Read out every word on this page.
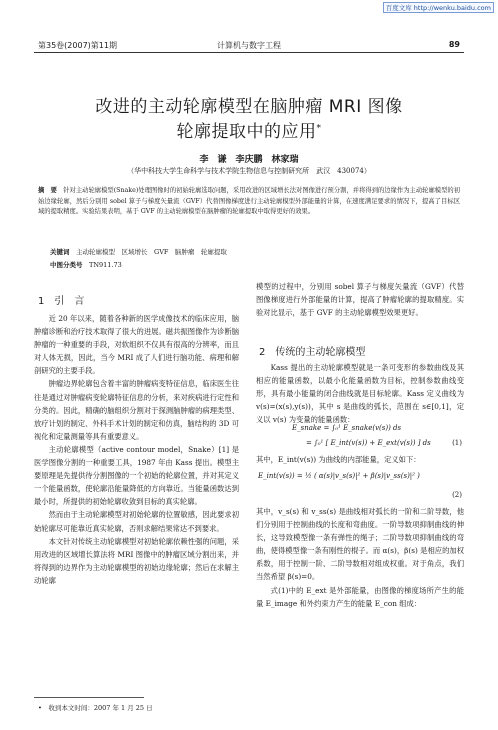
百度文库 http://wenku.baidu.com
第35卷(2007)第11期	计算机与数字工程	89
改进的主动轮廓模型在脑肿瘤 MRI 图像
轮廓提取中的应用*
李　谦　李庆鹏　林家瑞
（华中科技大学生命科学与技术学院生物信息与控制研究所　武汉　430074）
摘　要　 针对主动轮廓模型(Snake)处理图像时的初始轮廓选取问题，采用改进的区域增长法对图像进行预分割，并将得到的边缘作为主动轮廓模型的初始边缘轮廓，然后分别用 sobel 算子与梯度矢量流（GVF）代替图像梯度进行主动轮廓模型外部能量的计算，在速度满足要求的情况下，提高了目标区域的提取精度。实验结果表明，基于 GVF 的主动轮廓模型在脑肿瘤的轮廓提取中取得更好的效果。
关键词　 主动轮廓模型　区域增长　GVF　脑肿瘤　轮廓提取
中图分类号　 TN911.73
1　引　言

近 20 年以来，随着各种新的医学成像技术的临床应用，脑肿瘤诊断和治疗技术取得了很大的进展。磁共振图像作为诊断脑肿瘤的一种重要的手段，对软组织不仅具有很高的分辨率，而且对人体无损，因此，当今 MRI 成了人们进行脑功能、病理和解剖研究的主要手段。

肿瘤边界轮廓包含着丰富的肿瘤病变特征信息，临床医生往往是通过对肿瘤病变轮廓特征信息的分析，来对疾病进行定性和分类的。因此，精确的脑组织分割对于探测脑肿瘤的病理类型、放疗计划的制定、外科手术计划的制定和仿真，脑结构的 3D 可视化和定量测量等具有重要意义。

主动轮廓模型（active contour model，Snake）[1] 是医学图像分割的一种重要工具，1987 年由 Kass 提出。模型主要原理是先提供待分割图像的一个初始的轮廓位置，并对其定义一个能量函数，使轮廓沿能量降低的方向靠近。当能量函数达到最小时，所提供的初始轮廓收敛到目标的真实轮廓。

然而由于主动轮廓模型对初始轮廓的位置敏感，因此要求初始轮廓尽可能靠近真实轮廓，否则求解结果常达不到要求。

本文针对传统主动轮廓模型对初始轮廓依赖性强的问题，采用改进的区域增长算法将 MRI 图像中的肿瘤区域分割出来，并将得到的边界作为主动轮廓模型的初始边缘轮廓；然后在求解主动轮廓

•　收到本文时间：2007 年 1 月 25 日

模型的过程中，分别用 sobel 算子与梯度矢量流（GVF）代替图像梯度进行外部能量的计算，提高了肿瘤轮廓的提取精度。实验对比显示，基于 GVF 的主动轮廓模型效果更好。

2　传统的主动轮廓模型

Kass 提出的主动轮廓模型就是一条可变形的参数曲线及其相应的能量函数，以最小化能量函数为目标，控制参数曲线变形，具有最小能量的闭合曲线就是目标轮廓。Kass 定义曲线为 v(s)=(x(s),y(s))，其中 s 是曲线的弧长，范围在 s∈[0,1]，定义以 v(s) 为变量的能量函数：

E_snake = ∫₀¹ E_snake(v(s)) ds
= ∫₀¹ [ E_int(v(s)) + E_ext(v(s)) ] ds	(1)

其中，E_int(v(s)) 为曲线的内部能量，定义如下：

E_int(v(s)) = ½ ( α(s)|v_s(s)|² + β(s)|v_ss(s)|² )
(2)

其中，v_s(s) 和 v_ss(s) 是曲线相对弧长的一阶和二阶导数，他们分别用于控制曲线的长度和弯曲度。一阶导数项抑制曲线的伸长，这导致模型像一条有弹性的绳子；二阶导数项抑制曲线的弯曲，使得模型像一条有刚性的棍子。而 α(s)，β(s) 是相应的加权系数，用于控制一阶、二阶导数相对组成权重。对于角点，我们当然希望 β(s)=0。

式(1)中的 E_ext 是外部能量，由图像的梯度场所产生的能量 E_image 和外约束力产生的能量 E_con 组成：
